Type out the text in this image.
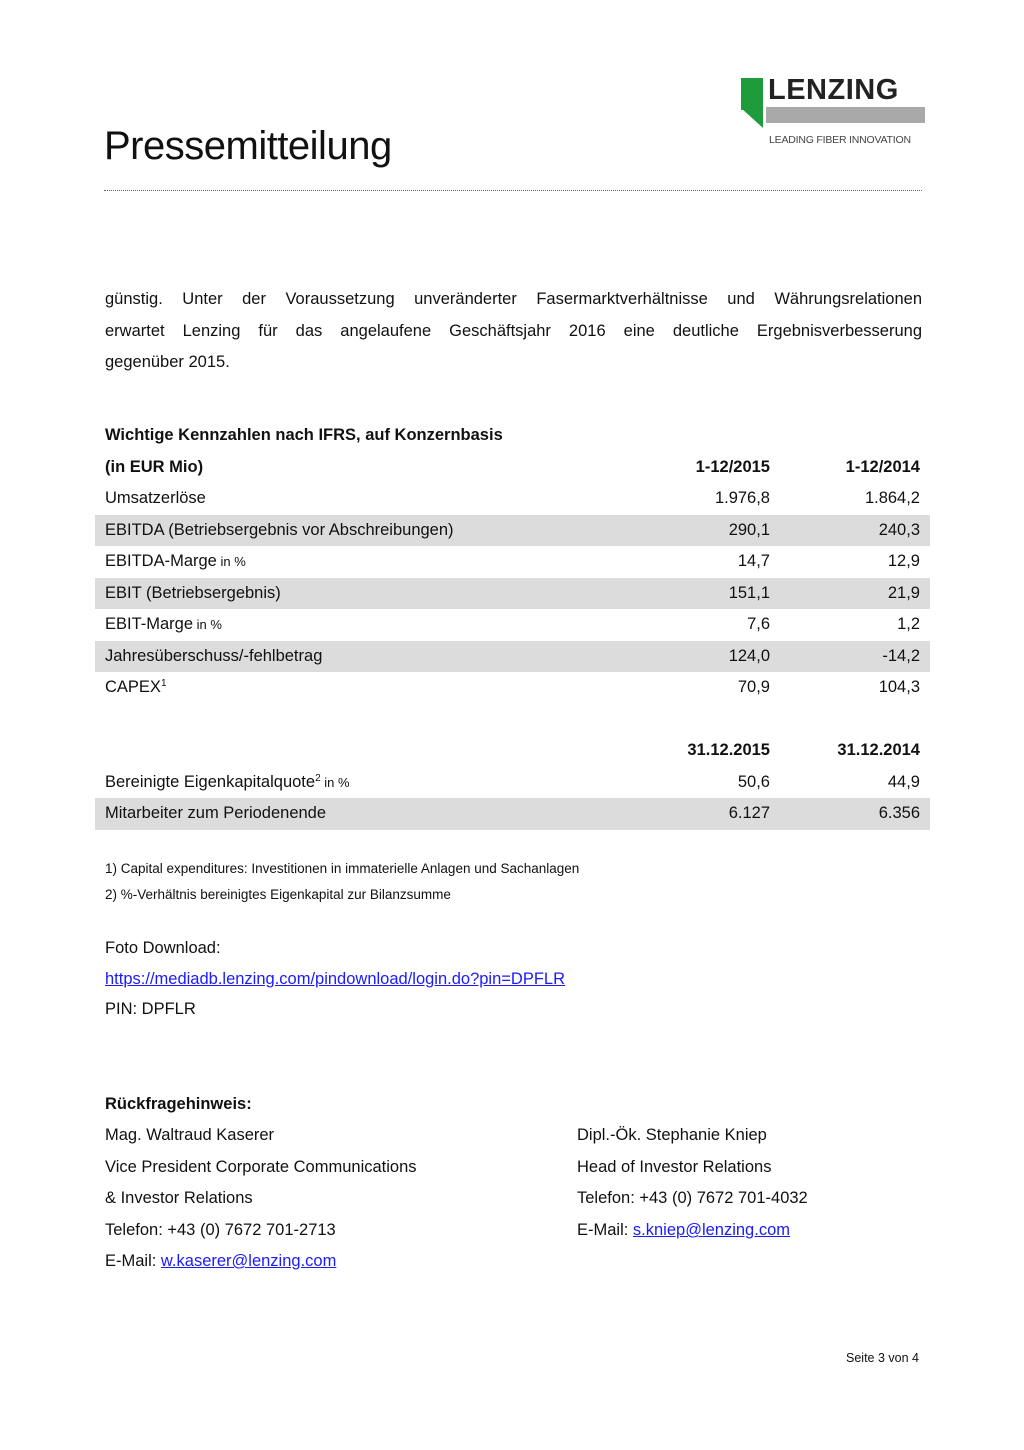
LENZING
LEADING FIBER INNOVATION
Pressemitteilung
günstig. Unter der Voraussetzung unveränderter Fasermarktverhältnisse und Währungsrelationen
erwartet Lenzing für das angelaufene Geschäftsjahr 2016 eine deutliche Ergebnisverbesserung
gegenüber 2015.
Wichtige Kennzahlen nach IFRS, auf Konzernbasis		
(in EUR Mio)	1-12/2015	1-12/2014
Umsatzerlöse	1.976,8	1.864,2
EBITDA (Betriebsergebnis vor Abschreibungen)	290,1	240,3
EBITDA-Marge in %	14,7	12,9
EBIT (Betriebsergebnis)	151,1	21,9
EBIT-Marge in %	7,6	1,2
Jahresüberschuss/-fehlbetrag	124,0	-14,2
CAPEX$^1$	70,9	104,3

	31.12.2015	31.12.2014
Bereinigte Eigenkapitalquote$^2$ in %	50,6	44,9
Mitarbeiter zum Periodenende	6.127	6.356
1) Capital expenditures: Investitionen in immaterielle Anlagen und Sachanlagen
2) %-Verhältnis bereinigtes Eigenkapital zur Bilanzsumme
Foto Download:
https://mediadb.lenzing.com/pindownload/login.do?pin=DPFLR
PIN: DPFLR
Rückfragehinweis:
Mag. Waltraud Kaserer
Vice President Corporate Communications
& Investor Relations
Telefon: +43 (0) 7672 701-2713
E-Mail: w.kaserer@lenzing.com
Dipl.-Ök. Stephanie Kniep
Head of Investor Relations
Telefon: +43 (0) 7672 701-4032
E-Mail: s.kniep@lenzing.com
Seite 3 von 4
